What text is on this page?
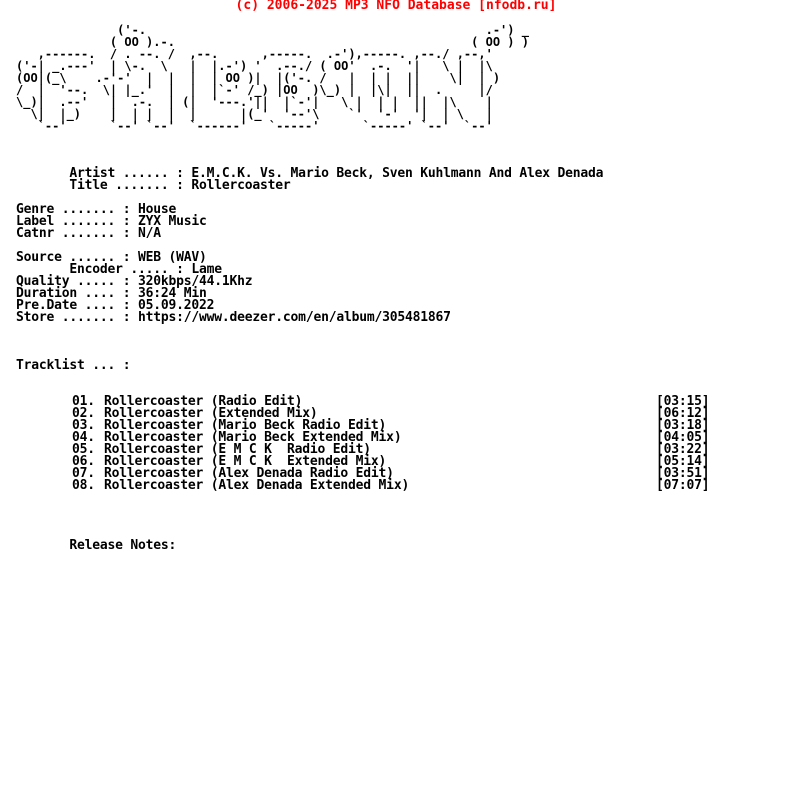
(c) 2006-2025 MP3 NFO Database [nfodb.ru]
('-.                                               .-') _
( OO ).-.                                         ( OO ) )
,------.  / . --. /  ,--.      ,-----.  .-'),-----. ,--./ ,--,'
('-| _.---'  | \-.  \   |  |.-') '  .--./ ( OO'  .-.  '|   \ |  |\
(OO|(_\    .-'-'  |  |  |  | OO )|  |('-. /   |  | |  ||    \|  | )
/  |  '--.  \| |_.'  |  |  |`-' /_) |OO  )\_) |  |\|  ||  .     |/
\_)|  .--'   |  .-.  | (|  '---.'||  |`-'|   \ |  | |  ||  |\    |
\|  |_)    |  | |  |  |      |(_'  '--'\    `'  '-'  '|  | \   |
`--'      `--' `--'  `------'   `-----'      `-----' `--'  `--'
Artist ...... : E.M.C.K. Vs. Mario Beck, Sven Kuhlmann And Alex Denada
Title ....... : Rollercoaster
Genre ....... : House
Label ....... : ZYX Music
Catnr ....... : N/A
Source ...... : WEB (WAV)
Encoder ..... : Lame
Quality ..... : 320kbps/44.1Khz
Duration .... : 36:24 Min
Pre.Date .... : 05.09.2022
Store ....... : https://www.deezer.com/en/album/305481867
Tracklist ... :
01. Rollercoaster (Radio Edit)	[03:15]
02. Rollercoaster (Extended Mix)	[06:12]
03. Rollercoaster (Mario Beck Radio Edit)	[03:18]
04. Rollercoaster (Mario Beck Extended Mix)	[04:05]
05. Rollercoaster (E M C K  Radio Edit)	[03:22]
06. Rollercoaster (E M C K  Extended Mix)	[05:14]
07. Rollercoaster (Alex Denada Radio Edit)	[03:51]
08. Rollercoaster (Alex Denada Extended Mix)	[07:07]
Release Notes:
